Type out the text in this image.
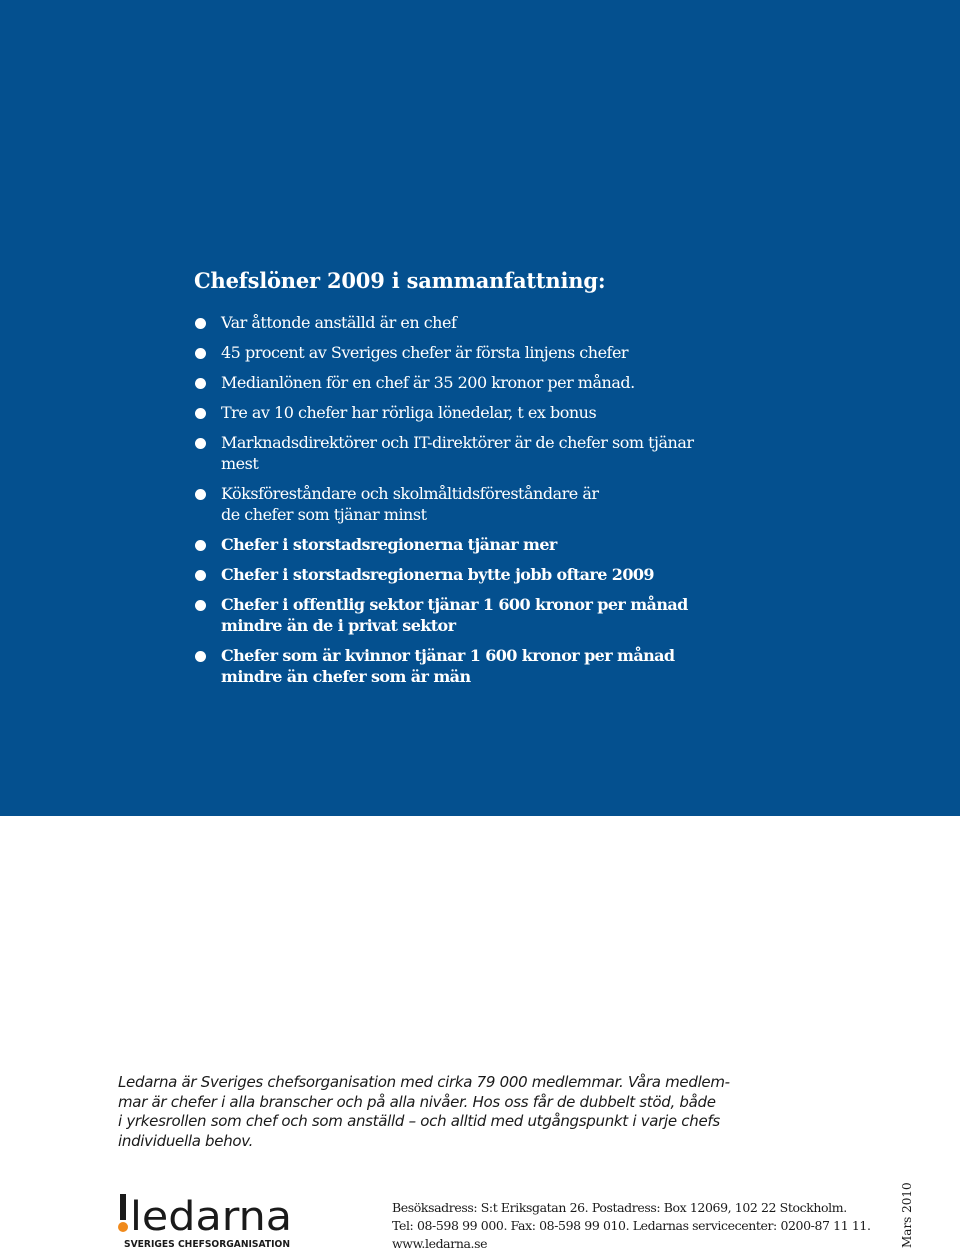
Chefslöner 2009 i sammanfattning:
Var åttonde anställd är en chef
45 procent av Sveriges chefer är första linjens chefer
Medianlönen för en chef är 35 200 kronor per månad.
Tre av 10 chefer har rörliga lönedelar, t ex bonus
Marknadsdirektörer och IT-direktörer är de chefer som tjänar
mest
Köksföreståndare och skolmåltidsföreståndare är
de chefer som tjänar minst
Chefer i storstadsregionerna tjänar mer
Chefer i storstadsregionerna bytte jobb oftare 2009
Chefer i offentlig sektor tjänar 1 600 kronor per månad
mindre än de i privat sektor
Chefer som är kvinnor tjänar 1 600 kronor per månad
mindre än chefer som är män
Ledarna är Sveriges chefsorganisation med cirka 79 000 medlemmar. Våra medlem-
mar är chefer i alla branscher och på alla nivåer. Hos oss får de dubbelt stöd, både
i yrkesrollen som chef och som anställd – och alltid med utgångspunkt i varje chefs
individuella behov.
ledarna
SVERIGES CHEFSORGANISATION
Besöksadress: S:t Eriksgatan 26. Postadress: Box 12069, 102 22 Stockholm.
Tel: 08-598 99 000. Fax: 08-598 99 010. Ledarnas servicecenter: 0200-87 11 11.
www.ledarna.se	Mars 2010
